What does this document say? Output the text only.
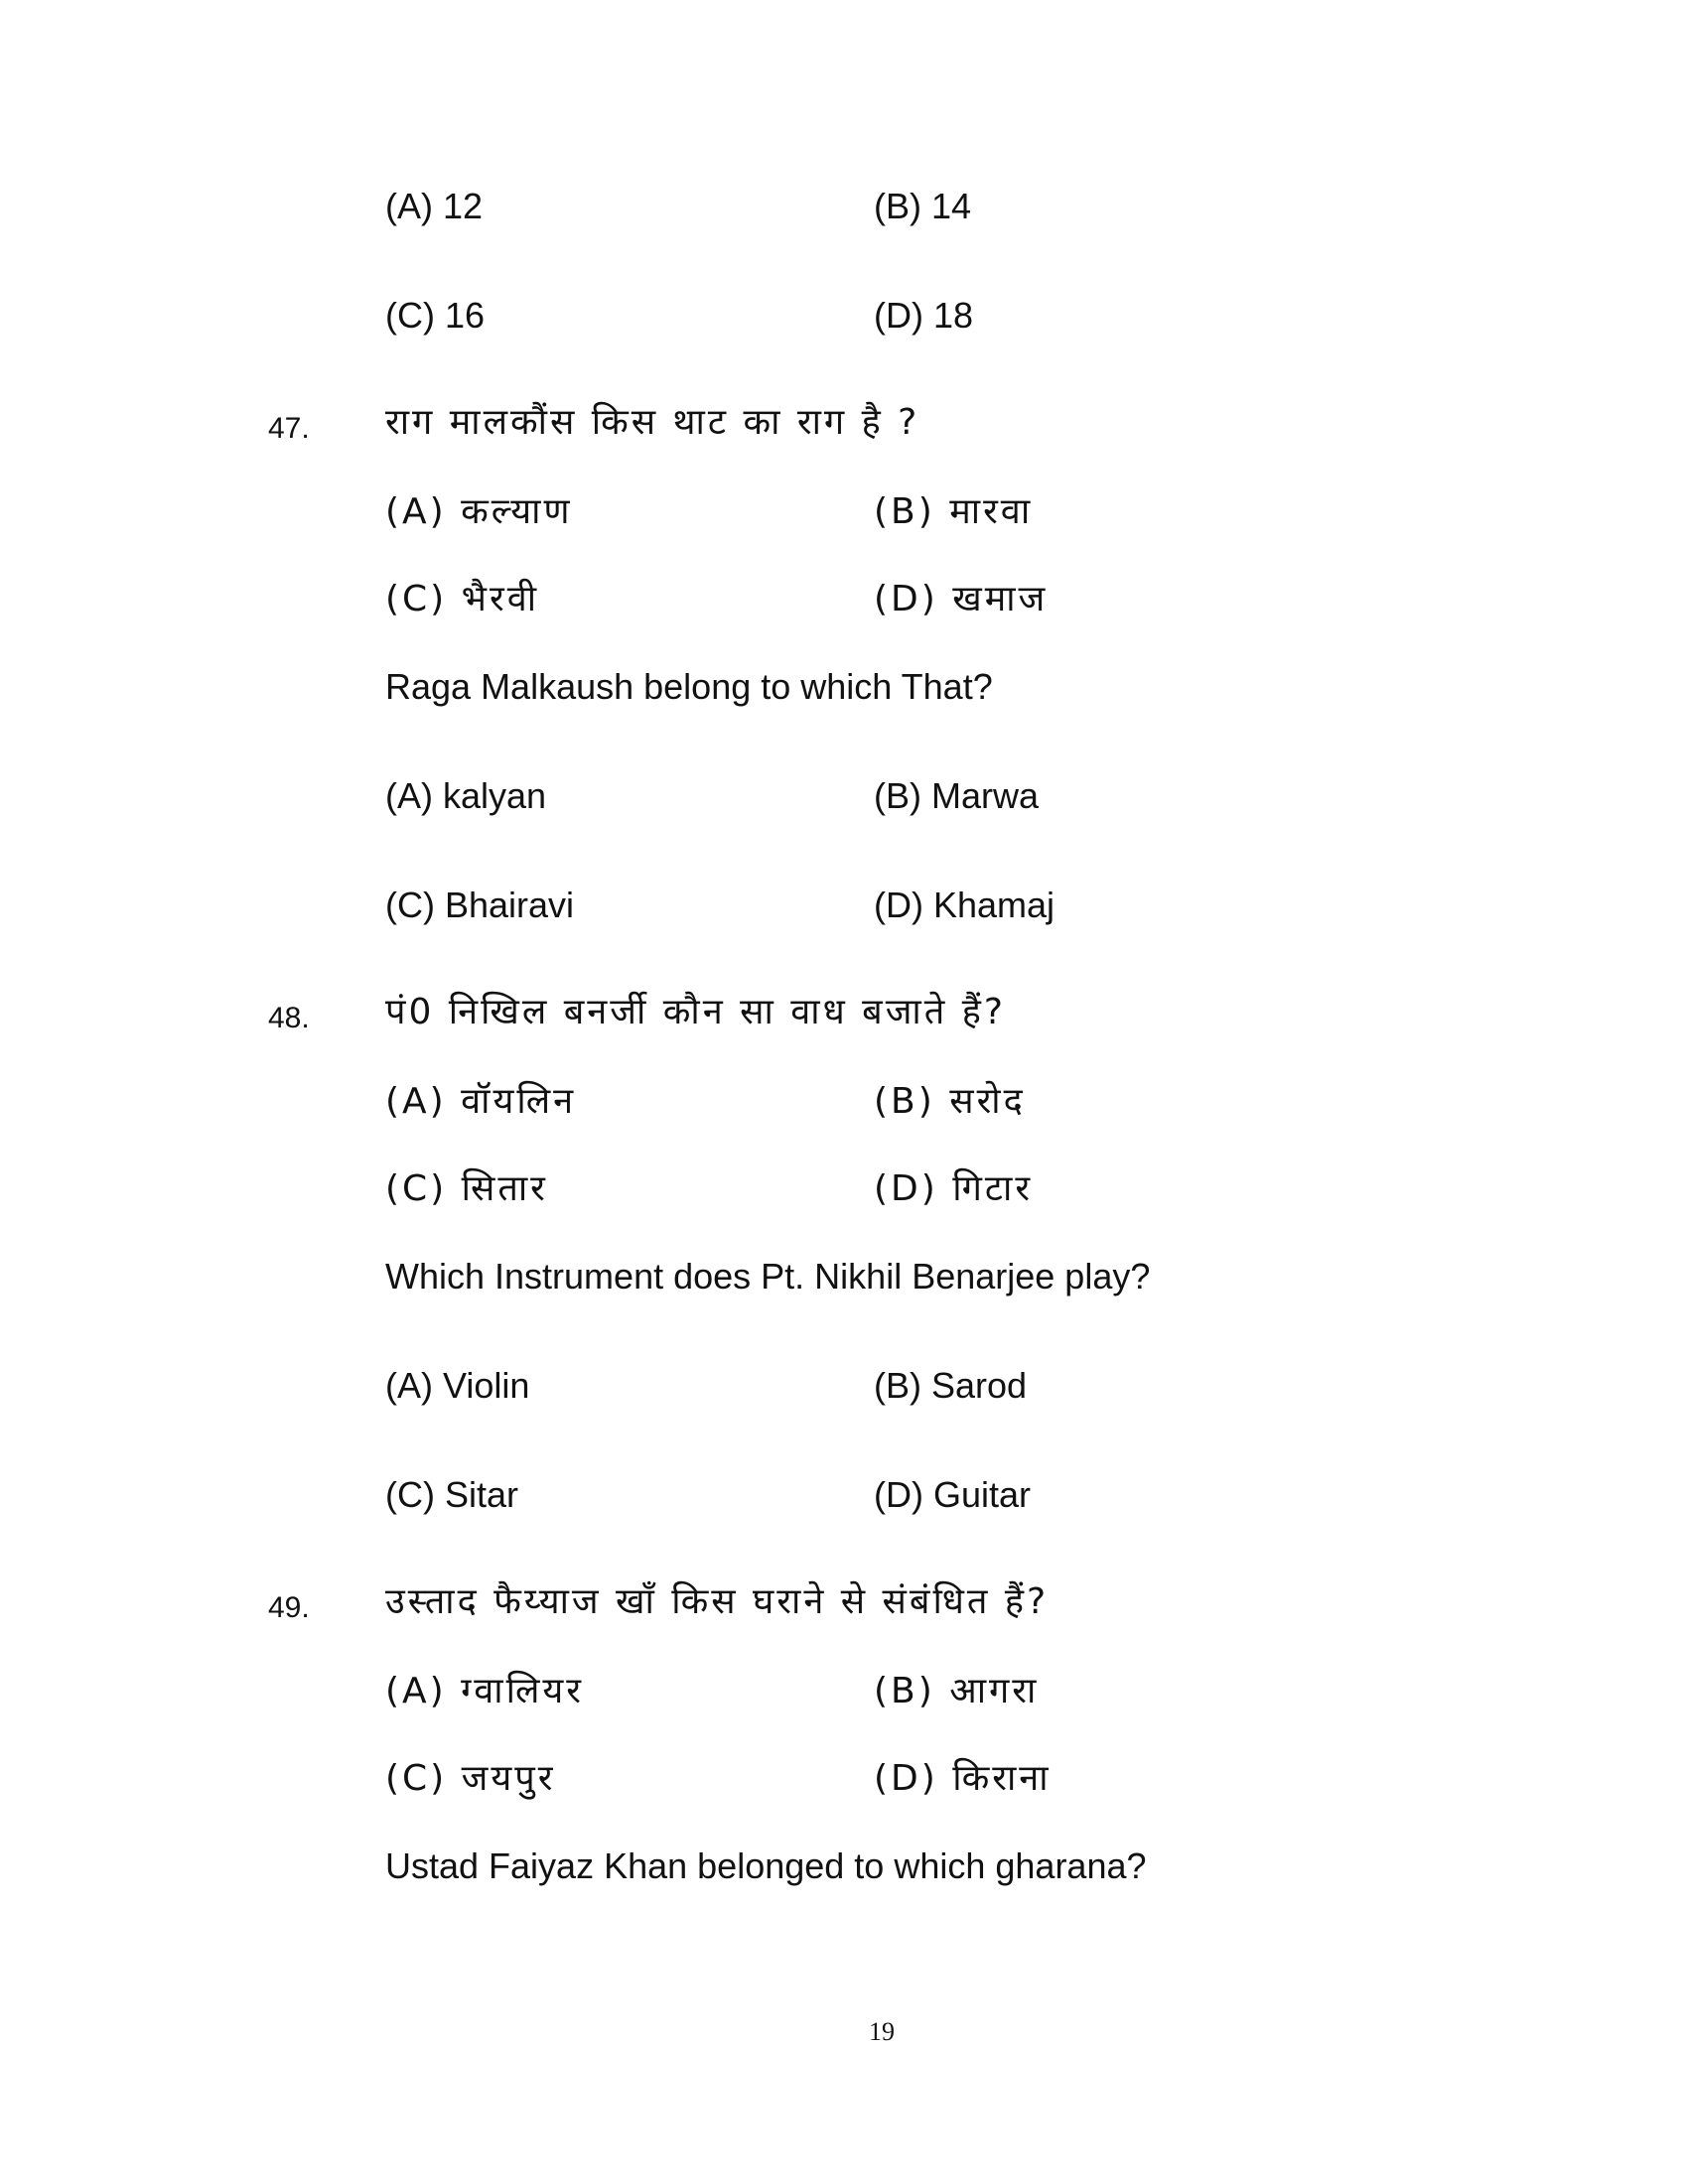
(A) 12	(B) 14
(C) 16	(D) 18
47. राग मालकौंस किस थाट का राग है ?
(A) कल्याण	(B) मारवा
(C) भैरवी	(D) खमाज
Raga Malkaush belong to which That?
(A) kalyan	(B) Marwa
(C) Bhairavi	(D) Khamaj
48. पं0 निखिल बनर्जी कौन सा वाध बजाते हैं?
(A) वॉयलिन	(B) सरोद
(C) सितार	(D) गिटार
Which Instrument does Pt. Nikhil Benarjee play?
(A) Violin	(B) Sarod
(C) Sitar	(D) Guitar
49. उस्ताद फैय्याज खाँ किस घराने से संबंधित हैं?
(A) ग्वालियर	(B) आगरा
(C) जयपुर	(D) किराना
Ustad Faiyaz Khan belonged to which gharana?
19
